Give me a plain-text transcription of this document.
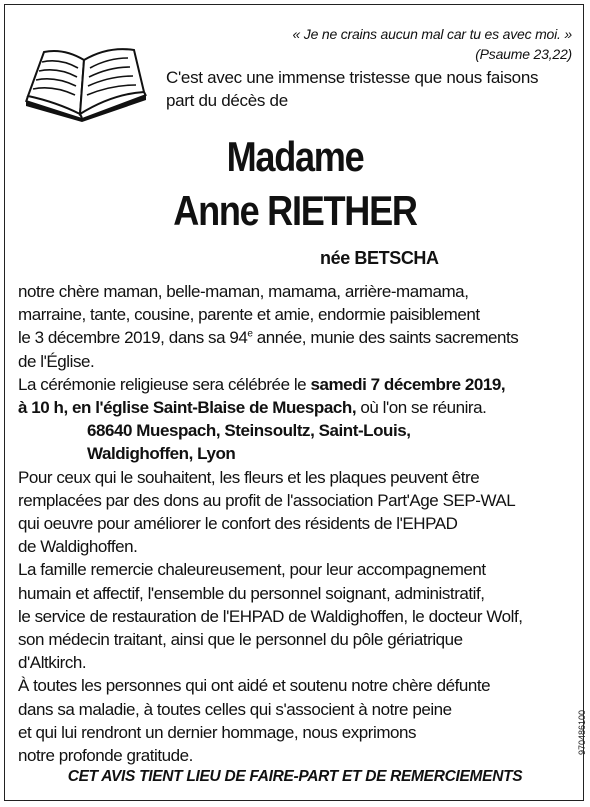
« Je ne crains aucun mal car tu es avec moi. »
(Psaume 23,22)
C'est avec une immense tristesse que nous faisons
part du décès de
Madame
Anne RIETHER
née BETSCHA

notre chère maman, belle-maman, mamama, arrière-mamama,

marraine, tante, cousine, parente et amie, endormie paisiblement

le 3 décembre 2019, dans sa 94e année, munie des saints sacrements

de l'Église.

La cérémonie religieuse sera célébrée le samedi 7 décembre 2019,

à 10 h, en l'église Saint-Blaise de Muespach, où l'on se réunira.

68640 Muespach, Steinsoultz, Saint-Louis,

Waldighoffen, Lyon

Pour ceux qui le souhaitent, les fleurs et les plaques peuvent être

remplacées par des dons au profit de l'association Part'Age SEP-WAL

qui oeuvre pour améliorer le confort des résidents de l'EHPAD

de Waldighoffen.

La famille remercie chaleureusement, pour leur accompagnement

humain et affectif, l'ensemble du personnel soignant, administratif,

le service de restauration de l'EHPAD de Waldighoffen, le docteur Wolf,

son médecin traitant, ainsi que le personnel du pôle gériatrique

d'Altkirch.

À toutes les personnes qui ont aidé et soutenu notre chère défunte

dans sa maladie, à toutes celles qui s'associent à notre peine

et qui lui rendront un dernier hommage, nous exprimons

notre profonde gratitude.

CET AVIS TIENT LIEU DE FAIRE-PART ET DE REMERCIEMENTS
970486100
